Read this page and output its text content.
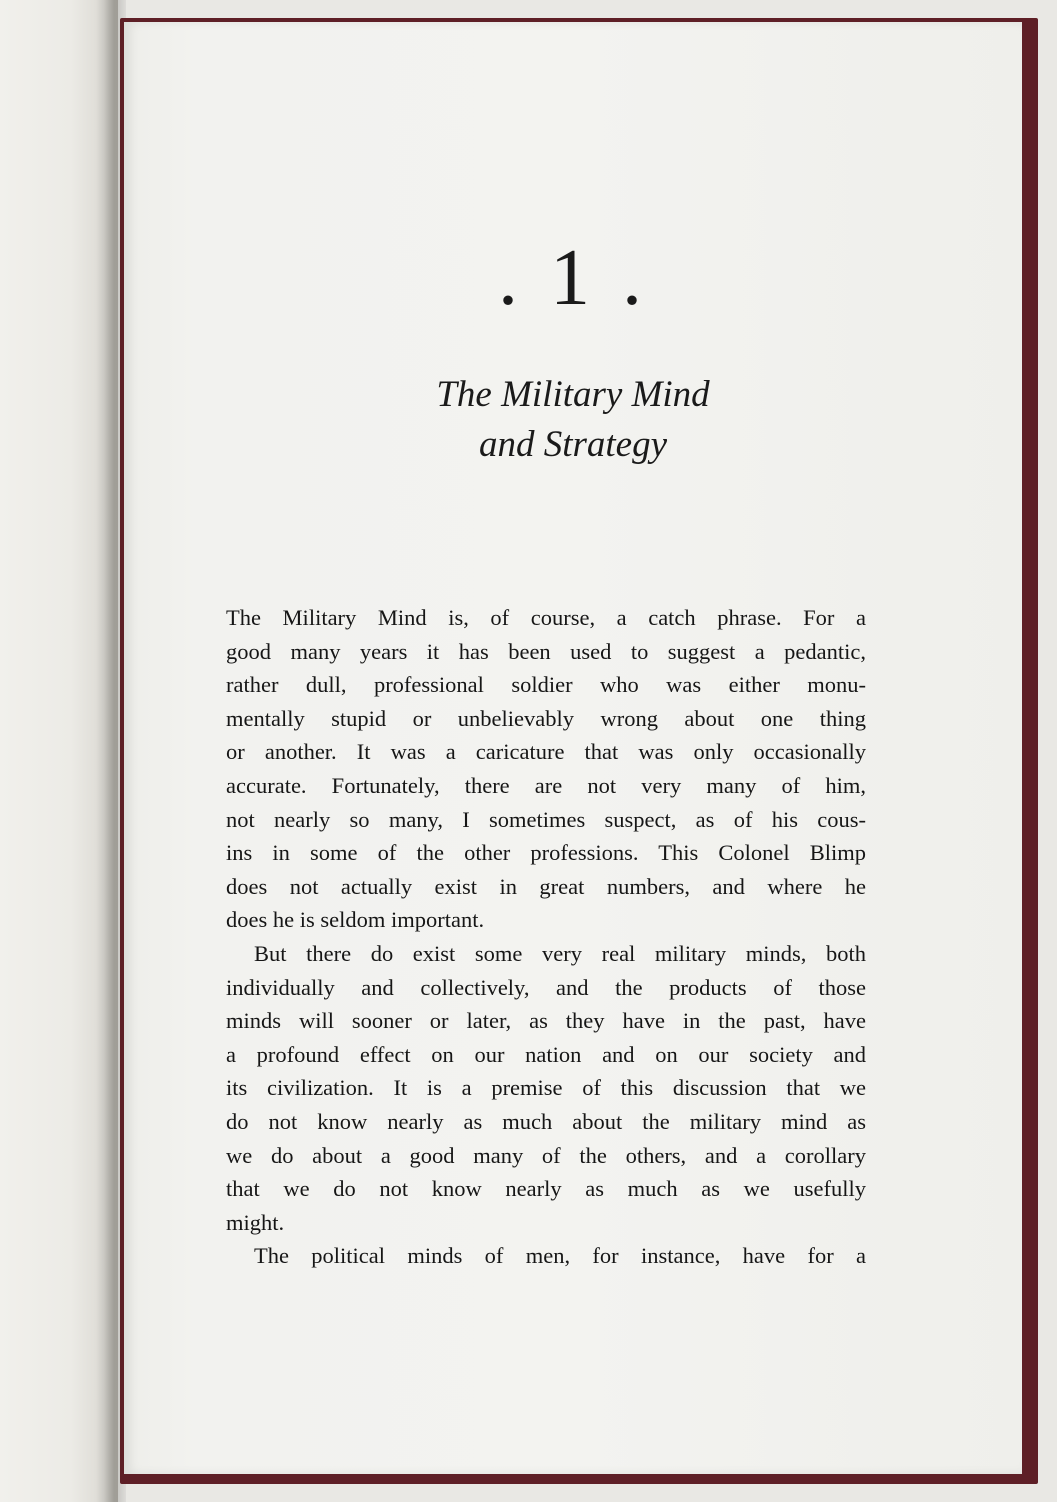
. 1 .
The Military Mind
and Strategy
The Military Mind is, of course, a catch phrase. For a
good many years it has been used to suggest a pedantic,
rather dull, professional soldier who was either monu-
mentally stupid or unbelievably wrong about one thing
or another. It was a caricature that was only occasionally
accurate. Fortunately, there are not very many of him,
not nearly so many, I sometimes suspect, as of his cous-
ins in some of the other professions. This Colonel Blimp
does not actually exist in great numbers, and where he
does he is seldom important.
But there do exist some very real military minds, both
individually and collectively, and the products of those
minds will sooner or later, as they have in the past, have
a profound effect on our nation and on our society and
its civilization. It is a premise of this discussion that we
do not know nearly as much about the military mind as
we do about a good many of the others, and a corollary
that we do not know nearly as much as we usefully
might.
The political minds of men, for instance, have for a
